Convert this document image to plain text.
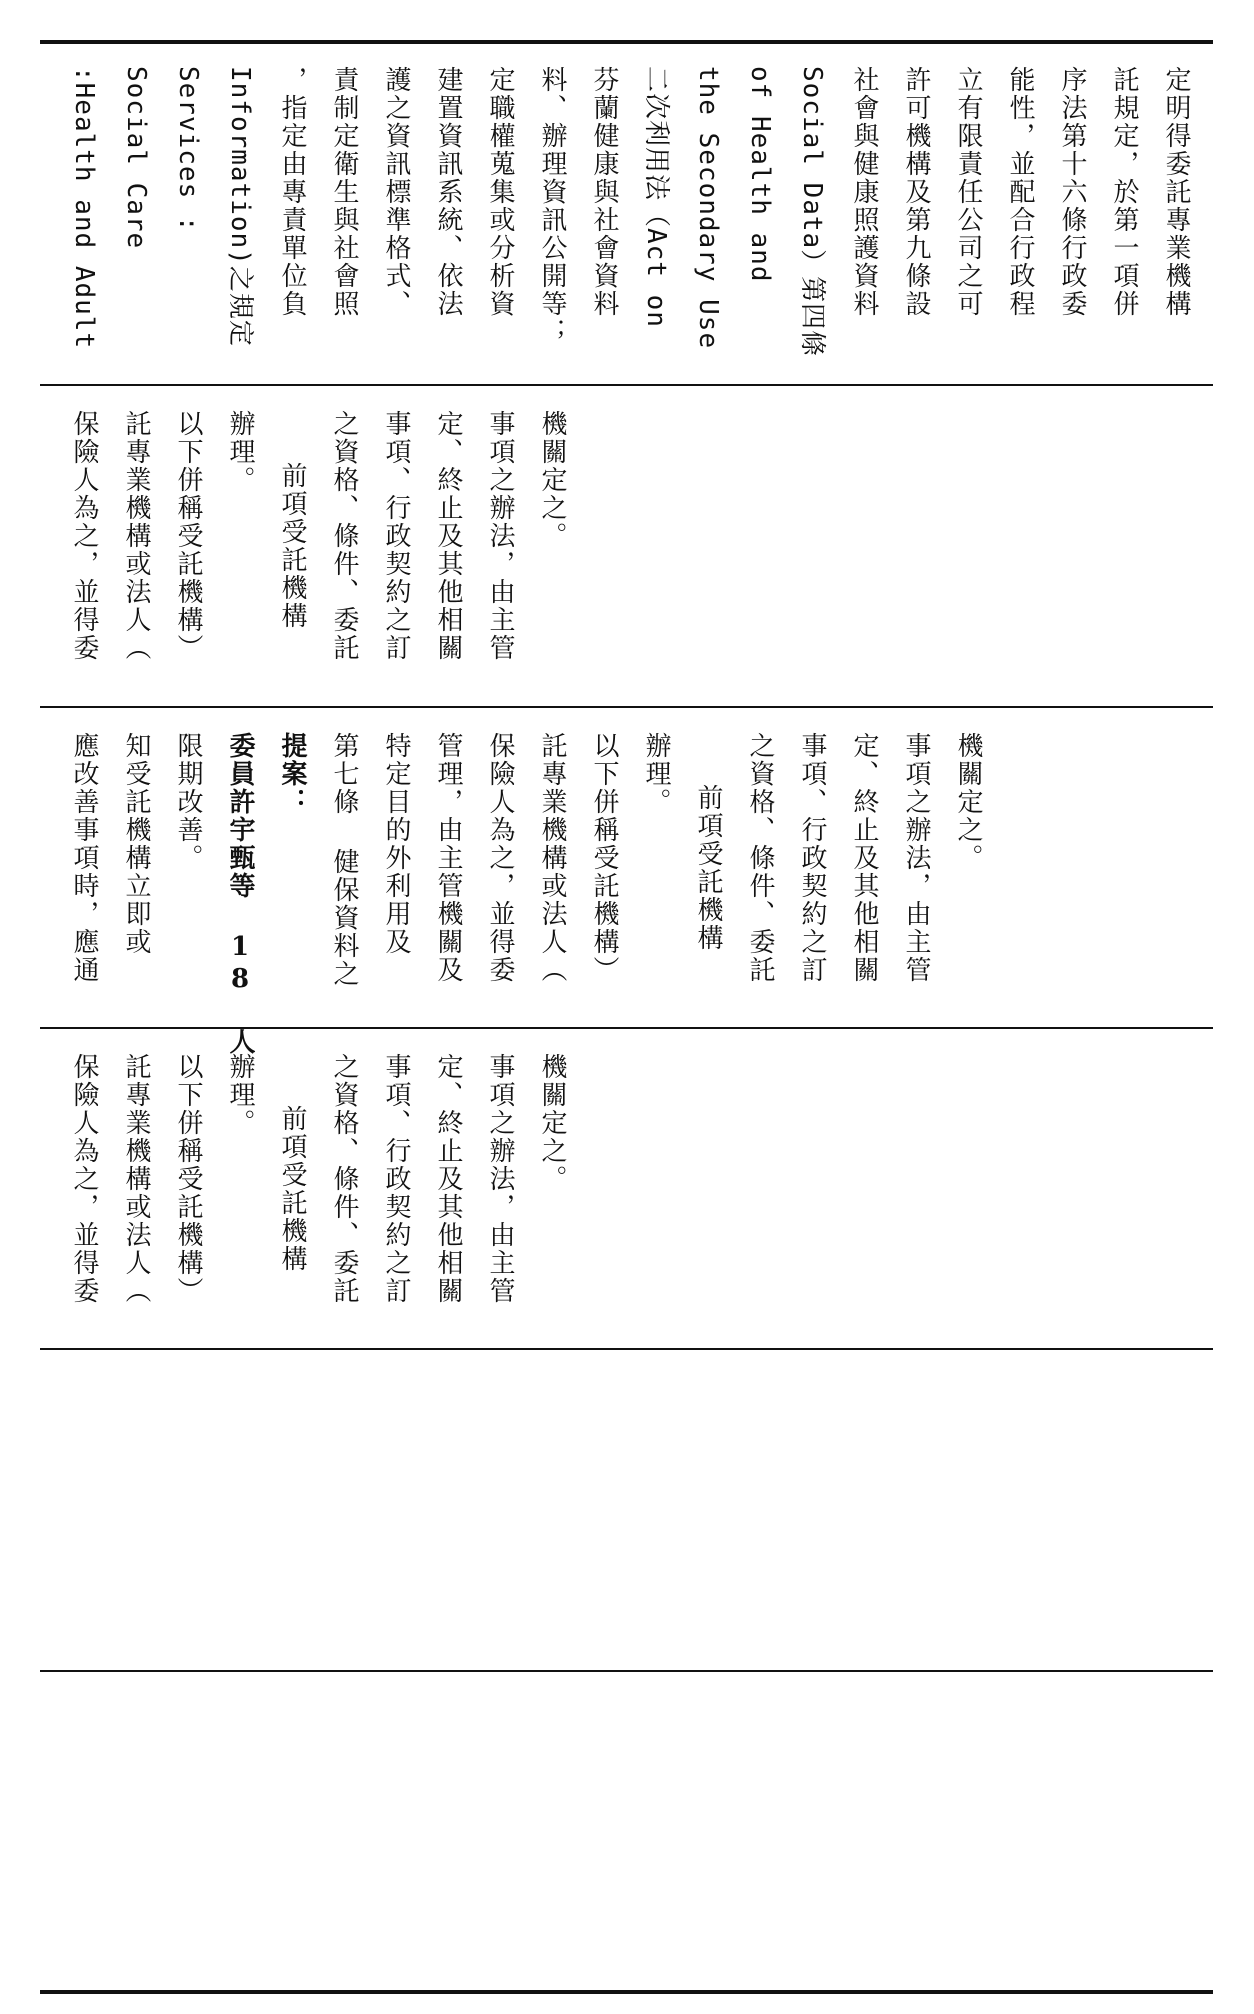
:Health and Adult Social Care Services : Information)之規定 ，指定由專責單位負 責制定衛生與社會照 護之資訊標準格式、 建置資訊系統、依法 定職權蒐集或分析資 料、辦理資訊公開等； 芬蘭健康與社會資料 二次利用法（Act on the Secondary Use of Health and Social Data）第四條 社會與健康照護資料 許可機構及第九條設 立有限責任公司之可 能性，並配合行政程 序法第十六條行政委 託規定，於第一項併 定明得委託專業機構
保險人為之，並得委 託專業機構或法人（ 以下併稱受託機構） 辦理。
前項受託機構 之資格、條件、委託 事項、行政契約之訂 定、終止及其他相關 事項之辦法，由主管 機關定之。
應改善事項時，應通 知受託機構立即或 限期改善。 委員許宇甄等 18 人 提案： 第七條 健保資料之 特定目的外利用及 管理，由主管機關及 保險人為之，並得委 託專業機構或法人（ 以下併稱受託機構） 辦理。
前項受託機構 之資格、條件、委託 事項、行政契約之訂 定、終止及其他相關 事項之辦法，由主管 機關定之。
保險人為之，並得委 託專業機構或法人（ 以下併稱受託機構） 辦理。
前項受託機構 之資格、條件、委託 事項、行政契約之訂 定、終止及其他相關 事項之辦法，由主管 機關定之。
